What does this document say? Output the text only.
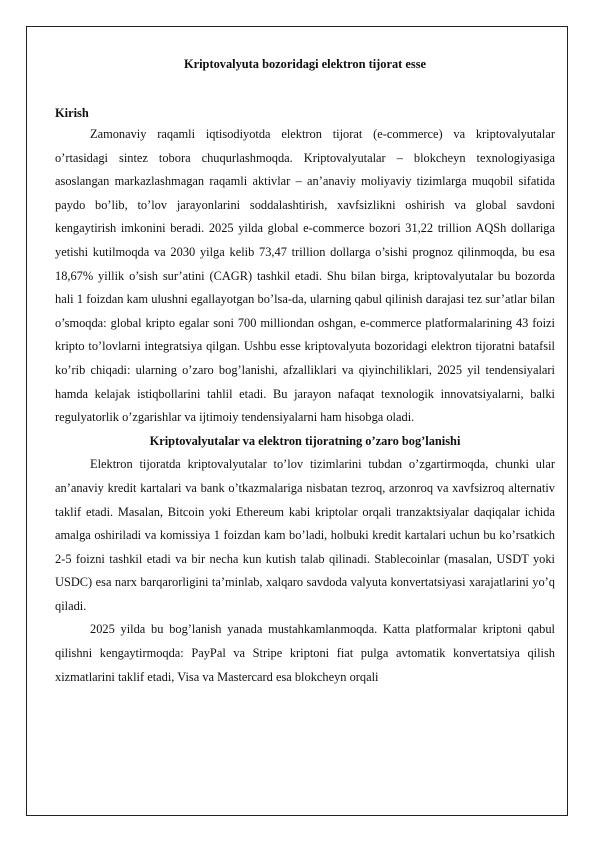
Kriptovalyuta bozoridagi elektron tijorat esse

Kirish

Zamonaviy raqamli iqtisodiyotda elektron tijorat (e-commerce) va kriptovalyutalar o’rtasidagi sintez tobora chuqurlashmoqda. Kriptovalyutalar – blokcheyn texnologiyasiga asoslangan markazlashmagan raqamli aktivlar – an’anaviy moliyaviy tizimlarga muqobil sifatida paydo bo’lib, to’lov jarayonlarini soddalashtirish, xavfsizlikni oshirish va global savdoni kengaytirish imkonini beradi. 2025 yilda global e-commerce bozori 31,22 trillion AQSh dollariga yetishi kutilmoqda va 2030 yilga kelib 73,47 trillion dollarga o’sishi prognoz qilinmoqda, bu esa 18,67% yillik o’sish sur’atini (CAGR) tashkil etadi. Shu bilan birga, kriptovalyutalar bu bozorda hali 1 foizdan kam ulushni egallayotgan bo’lsa-da, ularning qabul qilinish darajasi tez sur’atlar bilan o’smoqda: global kripto egalar soni 700 milliondan oshgan, e-commerce platformalarining 43 foizi kripto to’lovlarni integratsiya qilgan. Ushbu esse kriptovalyuta bozoridagi elektron tijoratni batafsil ko’rib chiqadi: ularning o’zaro bog’lanishi, afzalliklari va qiyinchiliklari, 2025 yil tendensiyalari hamda kelajak istiqbollarini tahlil etadi. Bu jarayon nafaqat texnologik innovatsiyalarni, balki regulyatorlik o’zgarishlar va ijtimoiy tendensiyalarni ham hisobga oladi.

Kriptovalyutalar va elektron tijoratning o’zaro bog’lanishi

Elektron tijoratda kriptovalyutalar to’lov tizimlarini tubdan o’zgartirmoqda, chunki ular an’anaviy kredit kartalari va bank o’tkazmalariga nisbatan tezroq, arzonroq va xavfsizroq alternativ taklif etadi. Masalan, Bitcoin yoki Ethereum kabi kriptolar orqali tranzaktsiyalar daqiqalar ichida amalga oshiriladi va komissiya 1 foizdan kam bo’ladi, holbuki kredit kartalari uchun bu ko’rsatkich 2-5 foizni tashkil etadi va bir necha kun kutish talab qilinadi. Stablecoinlar (masalan, USDT yoki USDC) esa narx barqarorligini ta’minlab, xalqaro savdoda valyuta konvertatsiyasi xarajatlarini yo’q qiladi.

2025 yilda bu bog’lanish yanada mustahkamlanmoqda. Katta platformalar kriptoni qabul qilishni kengaytirmoqda: PayPal va Stripe kriptoni fiat pulga avtomatik konvertatsiya qilish xizmatlarini taklif etadi, Visa va Mastercard esa blokcheyn orqali
